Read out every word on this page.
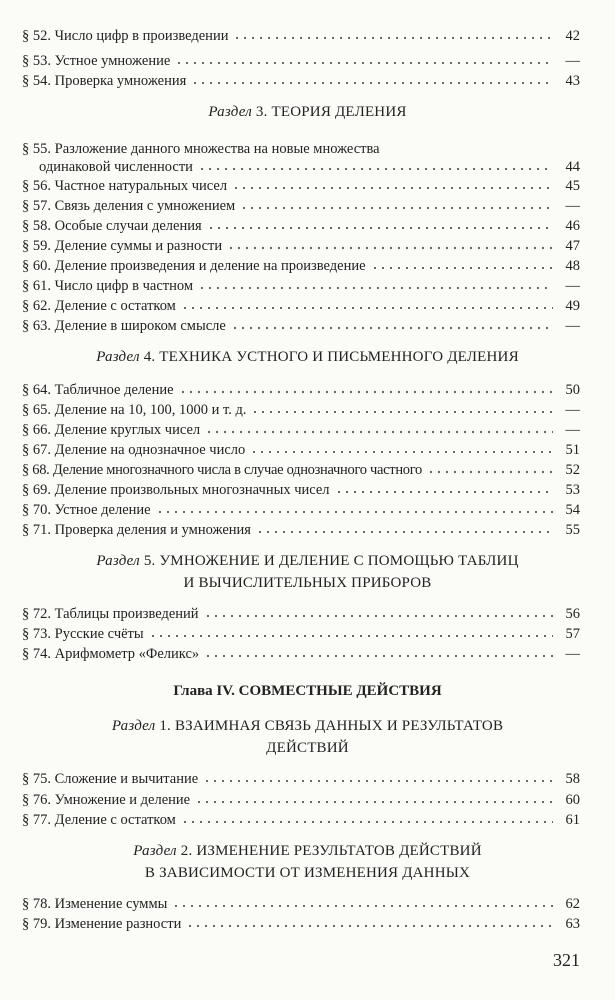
§ 52. Число цифр в произведении	42
§ 53. Устное умножение	—
§ 54. Проверка умножения	43
Раздел 3. ТЕОРИЯ ДЕЛЕНИЯ
§ 55. Разложение данного множества на новые множества
одинаковой численности	44
§ 56. Частное натуральных чисел	45
§ 57. Связь деления с умножением	—
§ 58. Особые случаи деления	46
§ 59. Деление суммы и разности	47
§ 60. Деление произведения и деление на произведение	48
§ 61. Число цифр в частном	—
§ 62. Деление с остатком	49
§ 63. Деление в широком смысле	—
Раздел 4. ТЕХНИКА УСТНОГО И ПИСЬМЕННОГО ДЕЛЕНИЯ
§ 64. Табличное деление	50
§ 65. Деление на 10, 100, 1000 и т. д.	—
§ 66. Деление круглых чисел	—
§ 67. Деление на однозначное число	51
§ 68. Деление многозначного числа в случае однозначного частного	52
§ 69. Деление произвольных многозначных чисел	53
§ 70. Устное деление	54
§ 71. Проверка деления и умножения	55
Раздел 5. УМНОЖЕНИЕ И ДЕЛЕНИЕ С ПОМОЩЬЮ ТАБЛИЦ
И ВЫЧИСЛИТЕЛЬНЫХ ПРИБОРОВ
§ 72. Таблицы произведений	56
§ 73. Русские счёты	57
§ 74. Арифмометр «Феликс»	—
Глава IV. СОВМЕСТНЫЕ ДЕЙСТВИЯ
Раздел 1. ВЗАИМНАЯ СВЯЗЬ ДАННЫХ И РЕЗУЛЬТАТОВ
ДЕЙСТВИЙ
§ 75. Сложение и вычитание	58
§ 76. Умножение и деление	60
§ 77. Деление с остатком	61
Раздел 2. ИЗМЕНЕНИЕ РЕЗУЛЬТАТОВ ДЕЙСТВИЙ
В ЗАВИСИМОСТИ ОТ ИЗМЕНЕНИЯ ДАННЫХ
§ 78. Изменение суммы	62
§ 79. Изменение разности	63
321
